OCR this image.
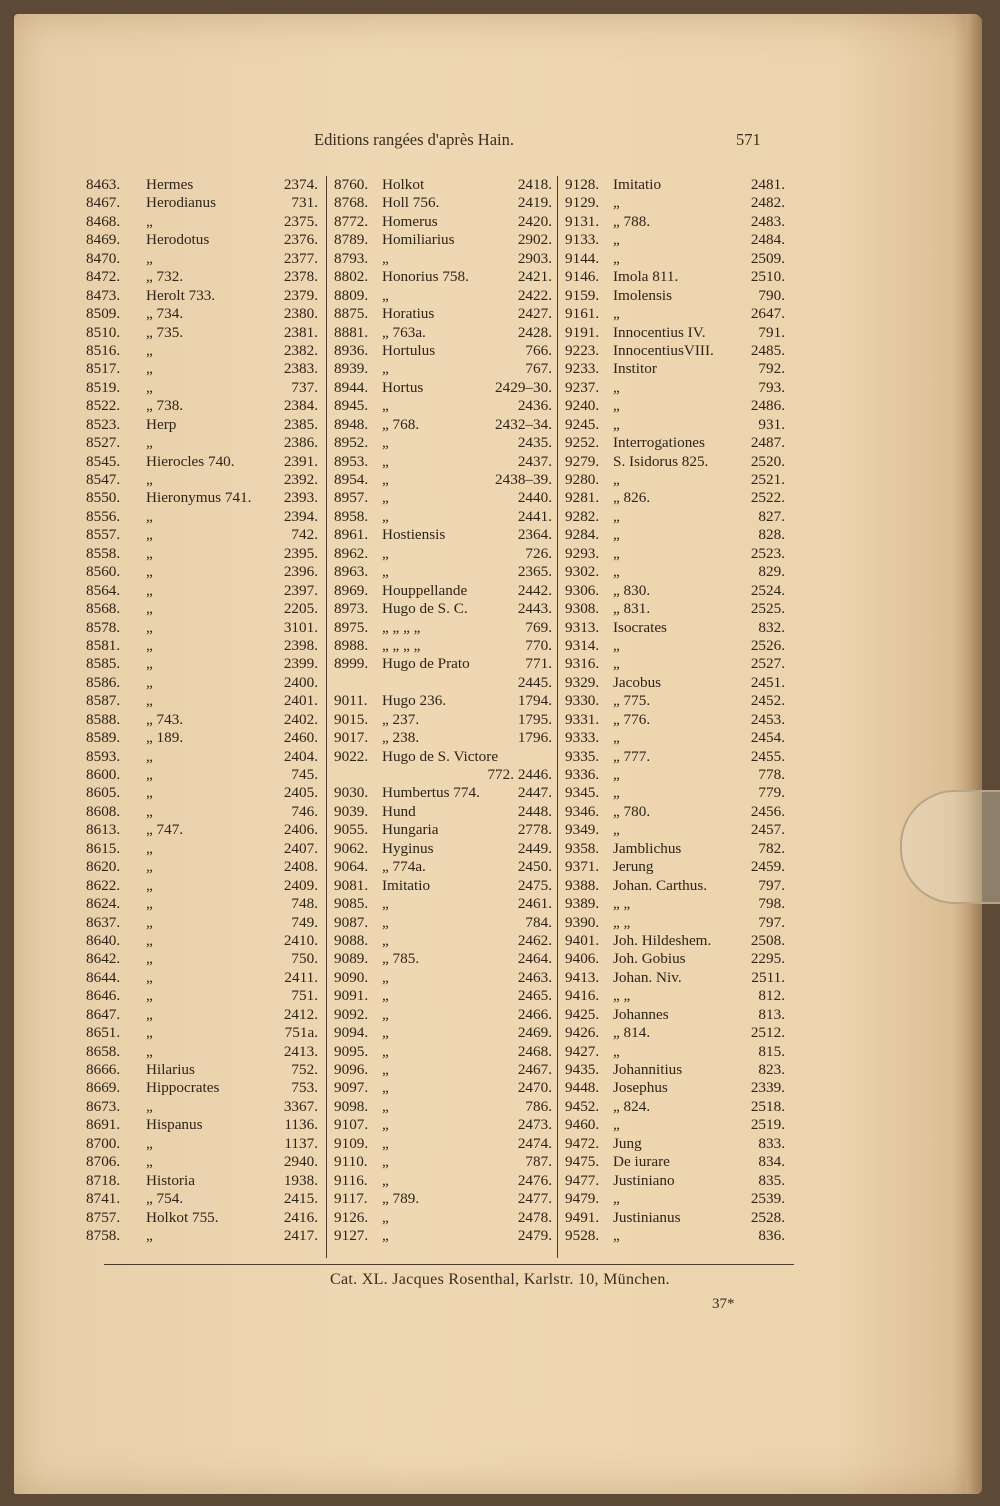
Editions rangées d'après Hain.	571
8463. Hermes	2374.
8467. Herodianus	731.
8468. „	2375.
8469. Herodotus	2376.
8470. „	2377.
8472. „ 732.	2378.
8473. Herolt 733.	2379.
8509. „ 734.	2380.
8510. „ 735.	2381.
8516. „	2382.
8517. „	2383.
8519. „	737.
8522. „ 738.	2384.
8523. Herp	2385.
8527. „	2386.
8545. Hierocles 740.	2391.
8547. „	2392.
8550. Hieronymus 741. 2393.
8556. „	2394.
8557. „	742.
8558. „	2395.
8560. „	2396.
8564. „	2397.
8568. „	2205.
8578. „	3101.
8581. „	2398.
8585. „	2399.
8586. „	2400.
8587. „	2401.
8588. „ 743.	2402.
8589. „ 189.	2460.
8593. „	2404.
8600. „	745.
8605. „	2405.
8608. „	746.
8613. „ 747.	2406.
8615. „	2407.
8620. „	2408.
8622. „	2409.
8624. „	748.
8637. „	749.
8640. „	2410.
8642. „	750.
8644. „	2411.
8646. „	751.
8647. „	2412.
8651. „	751a.
8658. „	2413.
8666. Hilarius	752.
8669. Hippocrates	753.
8673. „	3367.
8691. Hispanus	1136.
8700. „	1137.
8706. „	2940.
8718. Historia	1938.
8741. „ 754.	2415.
8757. Holkot 755.	2416.
8758. „	2417.
8760. Holkot	2418.
8768. Holl 756.	2419.
8772. Homerus	2420.
8789. Homiliarius	2902.
8793. „	2903.
8802. Honorius 758.	2421.
8809. „	2422.
8875. Horatius	2427.
8881. „ 763a.	2428.
8936. Hortulus	766.
8939. „	767.
8944. Hortus	2429–30.
8945. „	2436.
8948. „ 768.	2432–34.
8952. „	2435.
8953. „	2437.
8954. „	2438–39.
8957. „	2440.
8958. „	2441.
8961. Hostiensis	2364.
8962. „	726.
8963. „	2365.
8969. Houppellande	2442.
8973. Hugo de S. C.	2443.
8975. „ „ „ „	769.
8988. „ „ „ „	770.
8999. Hugo de Prato	771.
2445.
9011. Hugo 236.	1794.
9015. „ 237.	1795.
9017. „ 238.	1796.
9022. Hugo de S. Victore
772. 2446.
9030. Humbertus 774. 2447.
9039. Hund	2448.
9055. Hungaria	2778.
9062. Hyginus	2449.
9064. „ 774a.	2450.
9081. Imitatio	2475.
9085. „	2461.
9087. „	784.
9088. „	2462.
9089. „ 785.	2464.
9090. „	2463.
9091. „	2465.
9092. „	2466.
9094. „	2469.
9095. „	2468.
9096. „	2467.
9097. „	2470.
9098. „	786.
9107. „	2473.
9109. „	2474.
9110. „	787.
9116. „	2476.
9117. „ 789.	2477.
9126. „	2478.
9127. „	2479.
9128. Imitatio	2481.
9129. „	2482.
9131. „ 788.	2483.
9133. „	2484.
9144. „	2509.
9146. Imola 811.	2510.
9159. Imolensis	790.
9161. „	2647.
9191. Innocentius IV.	791.
9223. InnocentiusVIII. 2485.
9233. Institor	792.
9237. „	793.
9240. „	2486.
9245. „	931.
9252. Interrogationes	2487.
9279. S. Isidorus 825.	2520.
9280. „	2521.
9281. „ 826.	2522.
9282. „	827.
9284. „	828.
9293. „	2523.
9302. „	829.
9306. „ 830.	2524.
9308. „ 831.	2525.
9313. Isocrates	832.
9314. „	2526.
9316. „	2527.
9329. Jacobus	2451.
9330. „ 775.	2452.
9331. „ 776.	2453.
9333. „	2454.
9335. „ 777.	2455.
9336. „	778.
9345. „	779.
9346. „ 780.	2456.
9349. „	2457.
9358. Jamblichus	782.
9371. Jerung	2459.
9388. Johan. Carthus.	797.
9389. „ „	798.
9390. „ „	797.
9401. Joh. Hildeshem.	2508.
9406. Joh. Gobius	2295.
9413. Johan. Niv.	2511.
9416. „ „	812.
9425. Johannes	813.
9426. „ 814.	2512.
9427. „	815.
9435. Johannitius	823.
9448. Josephus	2339.
9452. „ 824.	2518.
9460. „	2519.
9472. Jung	833.
9475. De iurare	834.
9477. Justiniano	835.
9479. „	2539.
9491. Justinianus	2528.
9528. „	836.
Cat. XL. Jacques Rosenthal, Karlstr. 10, München.
37*
